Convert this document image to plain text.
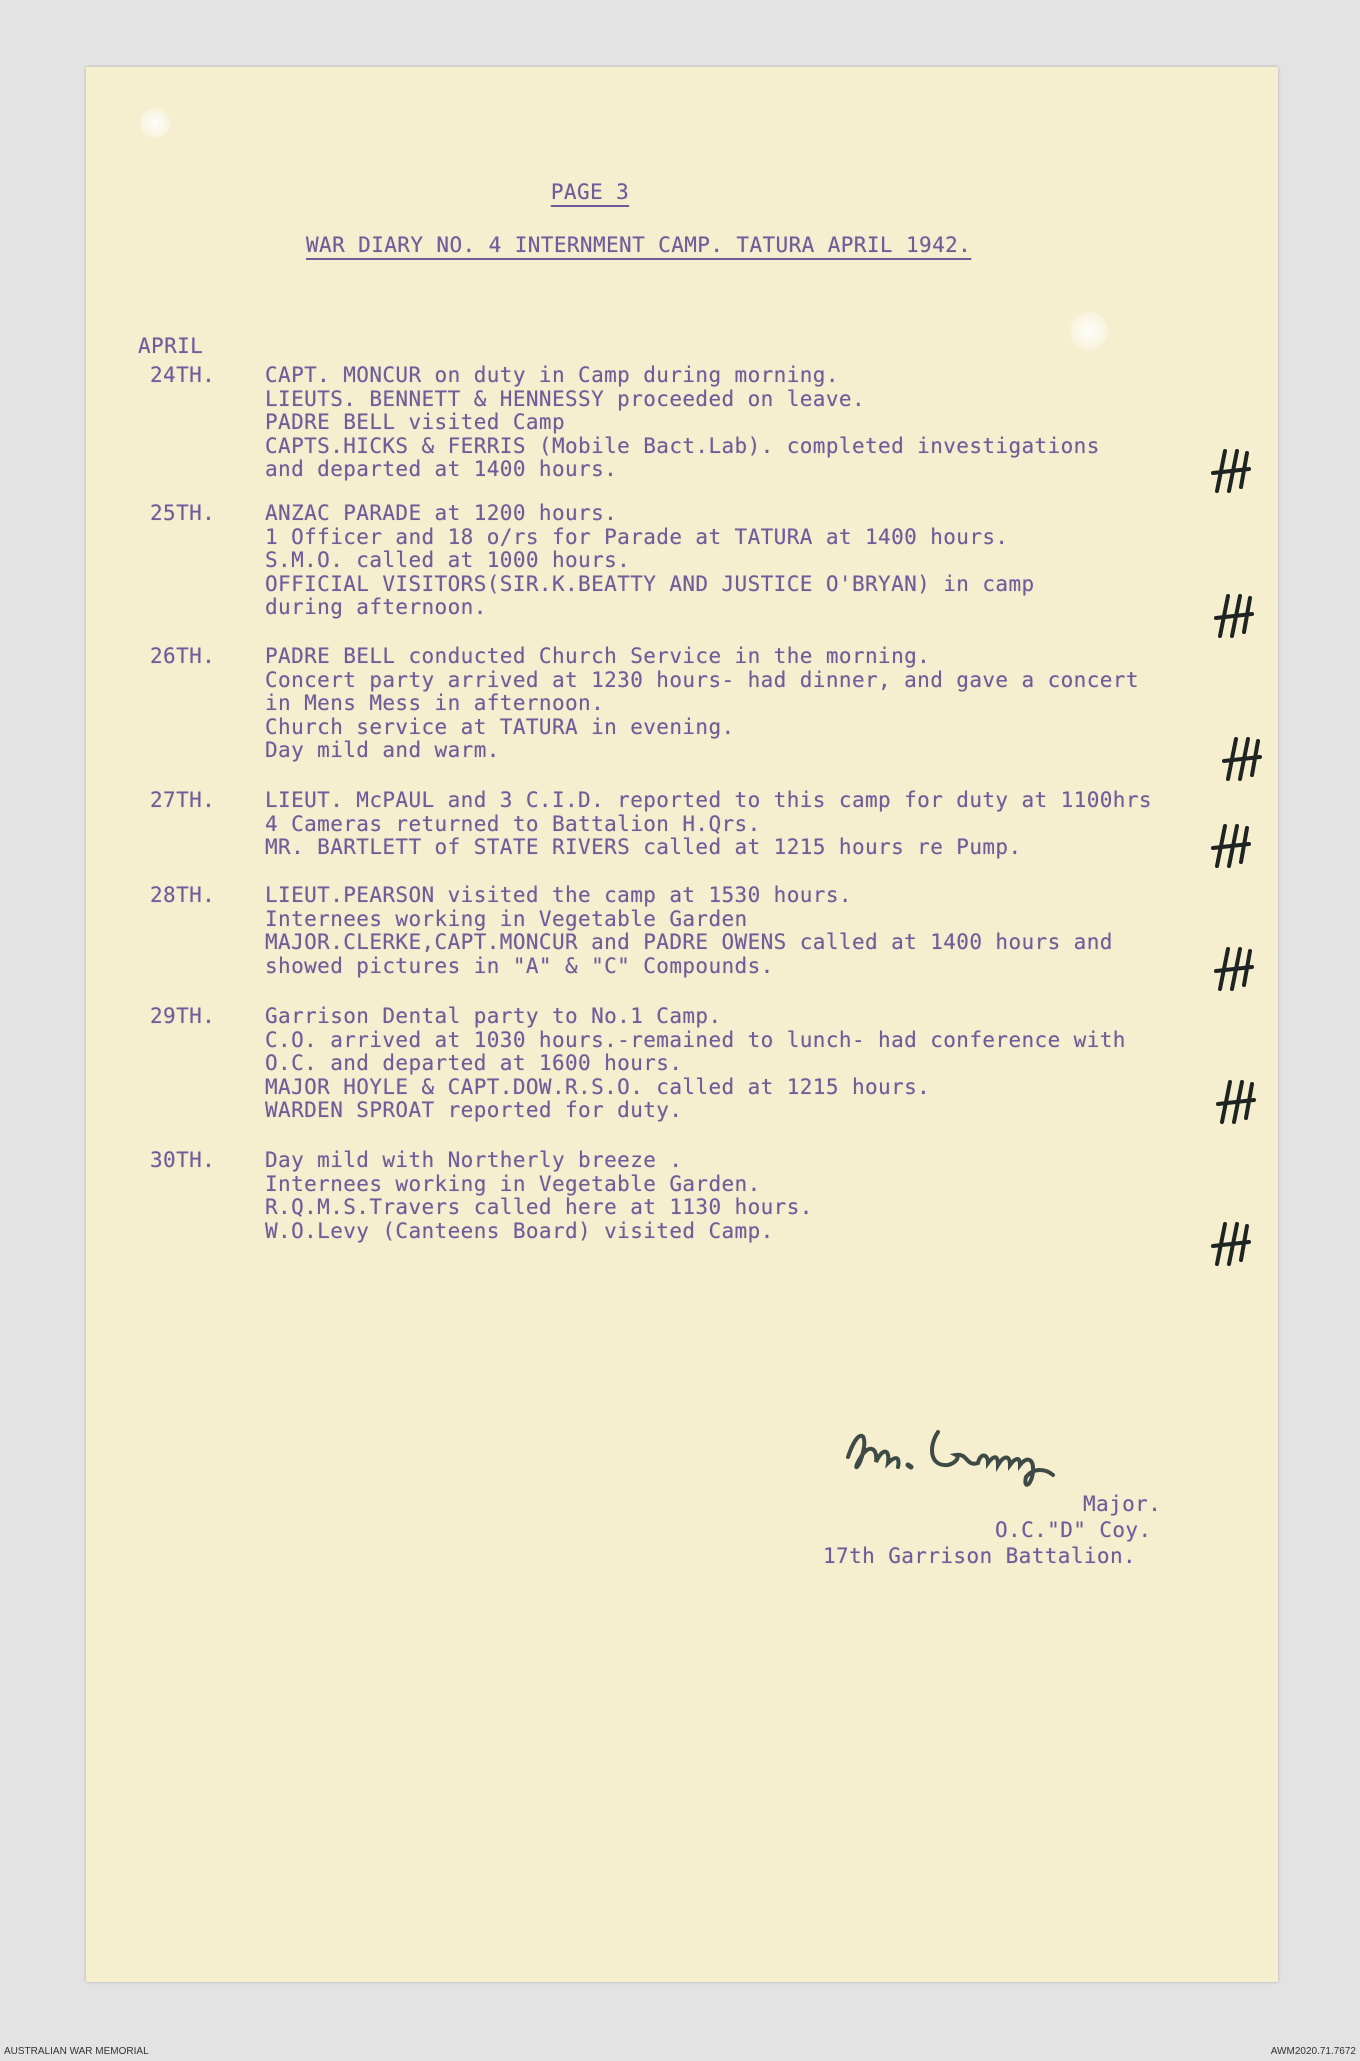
PAGE 3
WAR DIARY NO. 4 INTERNMENT CAMP. TATURA APRIL 1942.
APRIL
24TH. CAPT. MONCUR on duty in Camp during morning.
LIEUTS. BENNETT & HENNESSY proceeded on leave.
PADRE BELL visited Camp
CAPTS.HICKS & FERRIS (Mobile Bact.Lab). completed investigations
and departed at 1400 hours.
25TH. ANZAC PARADE at 1200 hours.
1 Officer and 18 o/rs for Parade at TATURA at 1400 hours.
S.M.O. called at 1000 hours.
OFFICIAL VISITORS(SIR.K.BEATTY AND JUSTICE O'BRYAN) in camp
during afternoon.
26TH. PADRE BELL conducted Church Service in the morning.
Concert party arrived at 1230 hours- had dinner, and gave a concert
in Mens Mess in afternoon.
Church service at TATURA in evening.
Day mild and warm.
27TH. LIEUT. McPAUL and 3 C.I.D. reported to this camp for duty at 1100hrs
4 Cameras returned to Battalion H.Qrs.
MR. BARTLETT of STATE RIVERS called at 1215 hours re Pump.
28TH. LIEUT.PEARSON visited the camp at 1530 hours.
Internees working in Vegetable Garden
MAJOR.CLERKE,CAPT.MONCUR and PADRE OWENS called at 1400 hours and
showed pictures in "A" & "C" Compounds.
29TH. Garrison Dental party to No.1 Camp.
C.O. arrived at 1030 hours.-remained to lunch- had conference with
O.C. and departed at 1600 hours.
MAJOR HOYLE & CAPT.DOW.R.S.O. called at 1215 hours.
WARDEN SPROAT reported for duty.
30TH. Day mild with Northerly breeze .
Internees working in Vegetable Garden.
R.Q.M.S.Travers called here at 1130 hours.
W.O.Levy (Canteens Board) visited Camp.
Major.
O.C."D" Coy.
17th Garrison Battalion.
AUSTRALIAN WAR MEMORIAL	AWM2020.71.7672
